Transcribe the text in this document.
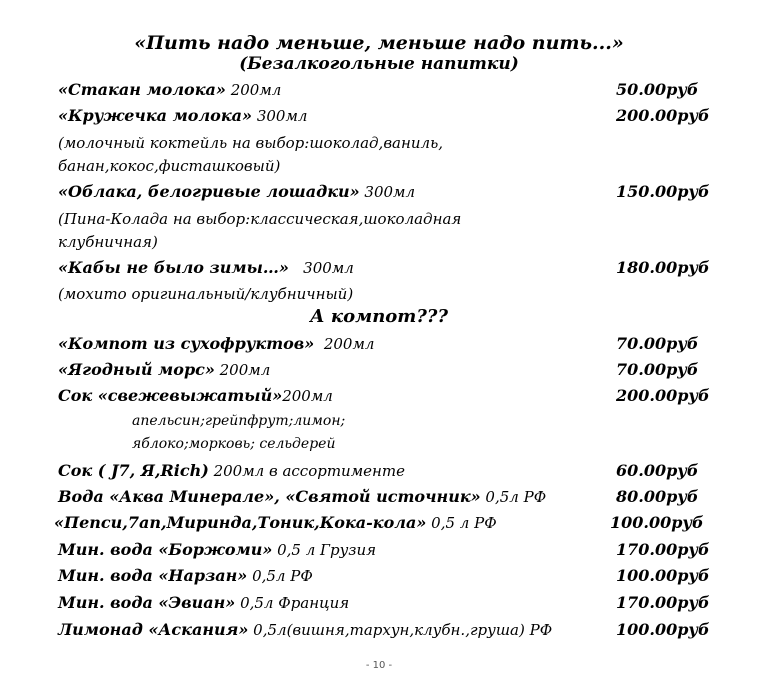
«Пить надо меньше, меньше надо пить...»
(Безалкогольные напитки)
«Стакан молока» 200мл	50.00руб
«Кружечка молока» 300мл	200.00руб
(молочный коктейль на выбор:шоколад,ваниль,
банан,кокос,фисташковый)
«Облака, белогривые лошадки» 300мл	150.00руб
(Пина-Колада на выбор:классическая,шоколадная
клубничная)
«Кабы не было зимы…»   300мл	180.00руб
(мохито оригинальный/клубничный)
А компот???
«Компот из сухофруктов»  200мл	70.00руб
«Ягодный морс» 200мл	70.00руб
Сок «свежевыжатый»200мл	200.00руб
апельсин;грейпфрут;лимон;
яблоко;морковь; сельдерей
Сок ( J7, Я,Rich) 200мл в ассортименте	60.00руб
Вода «Аква Минерале», «Святой источник» 0,5л РФ	80.00руб
«Пепси,7ап,Миринда,Тоник,Кока-кола» 0,5 л РФ	100.00руб
Мин. вода «Боржоми» 0,5 л Грузия	170.00руб
Мин. вода «Нарзан» 0,5л РФ	100.00руб
Мин. вода «Эвиан» 0,5л Франция	170.00руб
Лимонад «Аскания» 0,5л(вишня,тархун,клубн.,груша) РФ	100.00руб
- 10 -
